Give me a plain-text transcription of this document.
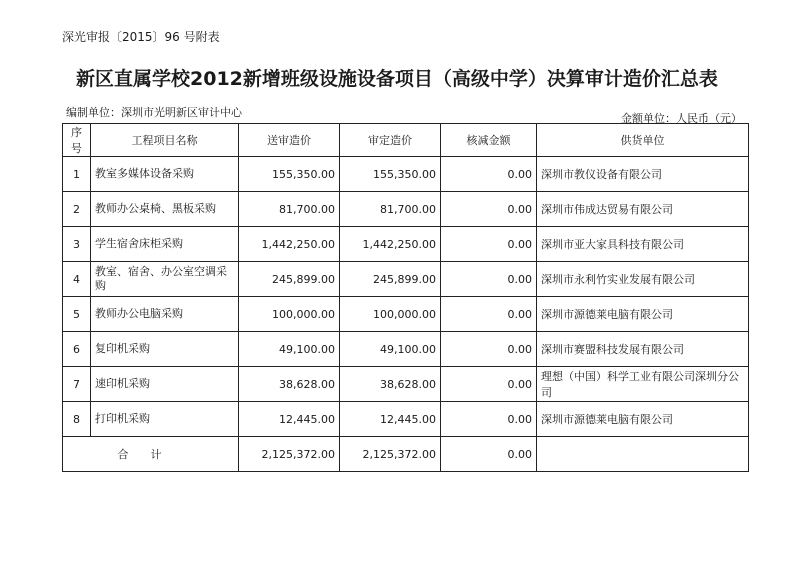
深光审报〔2015〕96 号附表
新区直属学校2012新增班级设施设备项目（高级中学）决算审计造价汇总表
编制单位：深圳市光明新区审计中心	金额单位：人民币（元）
序号	工程项目名称	送审造价	审定造价	核减金额	供货单位
1	教室多媒体设备采购	155,350.00	155,350.00	0.00	深圳市教仪设备有限公司
2	教师办公桌椅、黑板采购	81,700.00	81,700.00	0.00	深圳市伟成达贸易有限公司
3	学生宿舍床柜采购	1,442,250.00	1,442,250.00	0.00	深圳市亚大家具科技有限公司
4	教室、宿舍、办公室空调采购	245,899.00	245,899.00	0.00	深圳市永利竹实业发展有限公司
5	教师办公电脑采购	100,000.00	100,000.00	0.00	深圳市源德莱电脑有限公司
6	复印机采购	49,100.00	49,100.00	0.00	深圳市赛盟科技发展有限公司
7	速印机采购	38,628.00	38,628.00	0.00	理想（中国）科学工业有限公司深圳分公司
8	打印机采购	12,445.00	12,445.00	0.00	深圳市源德莱电脑有限公司
合计		2,125,372.00	2,125,372.00	0.00	
